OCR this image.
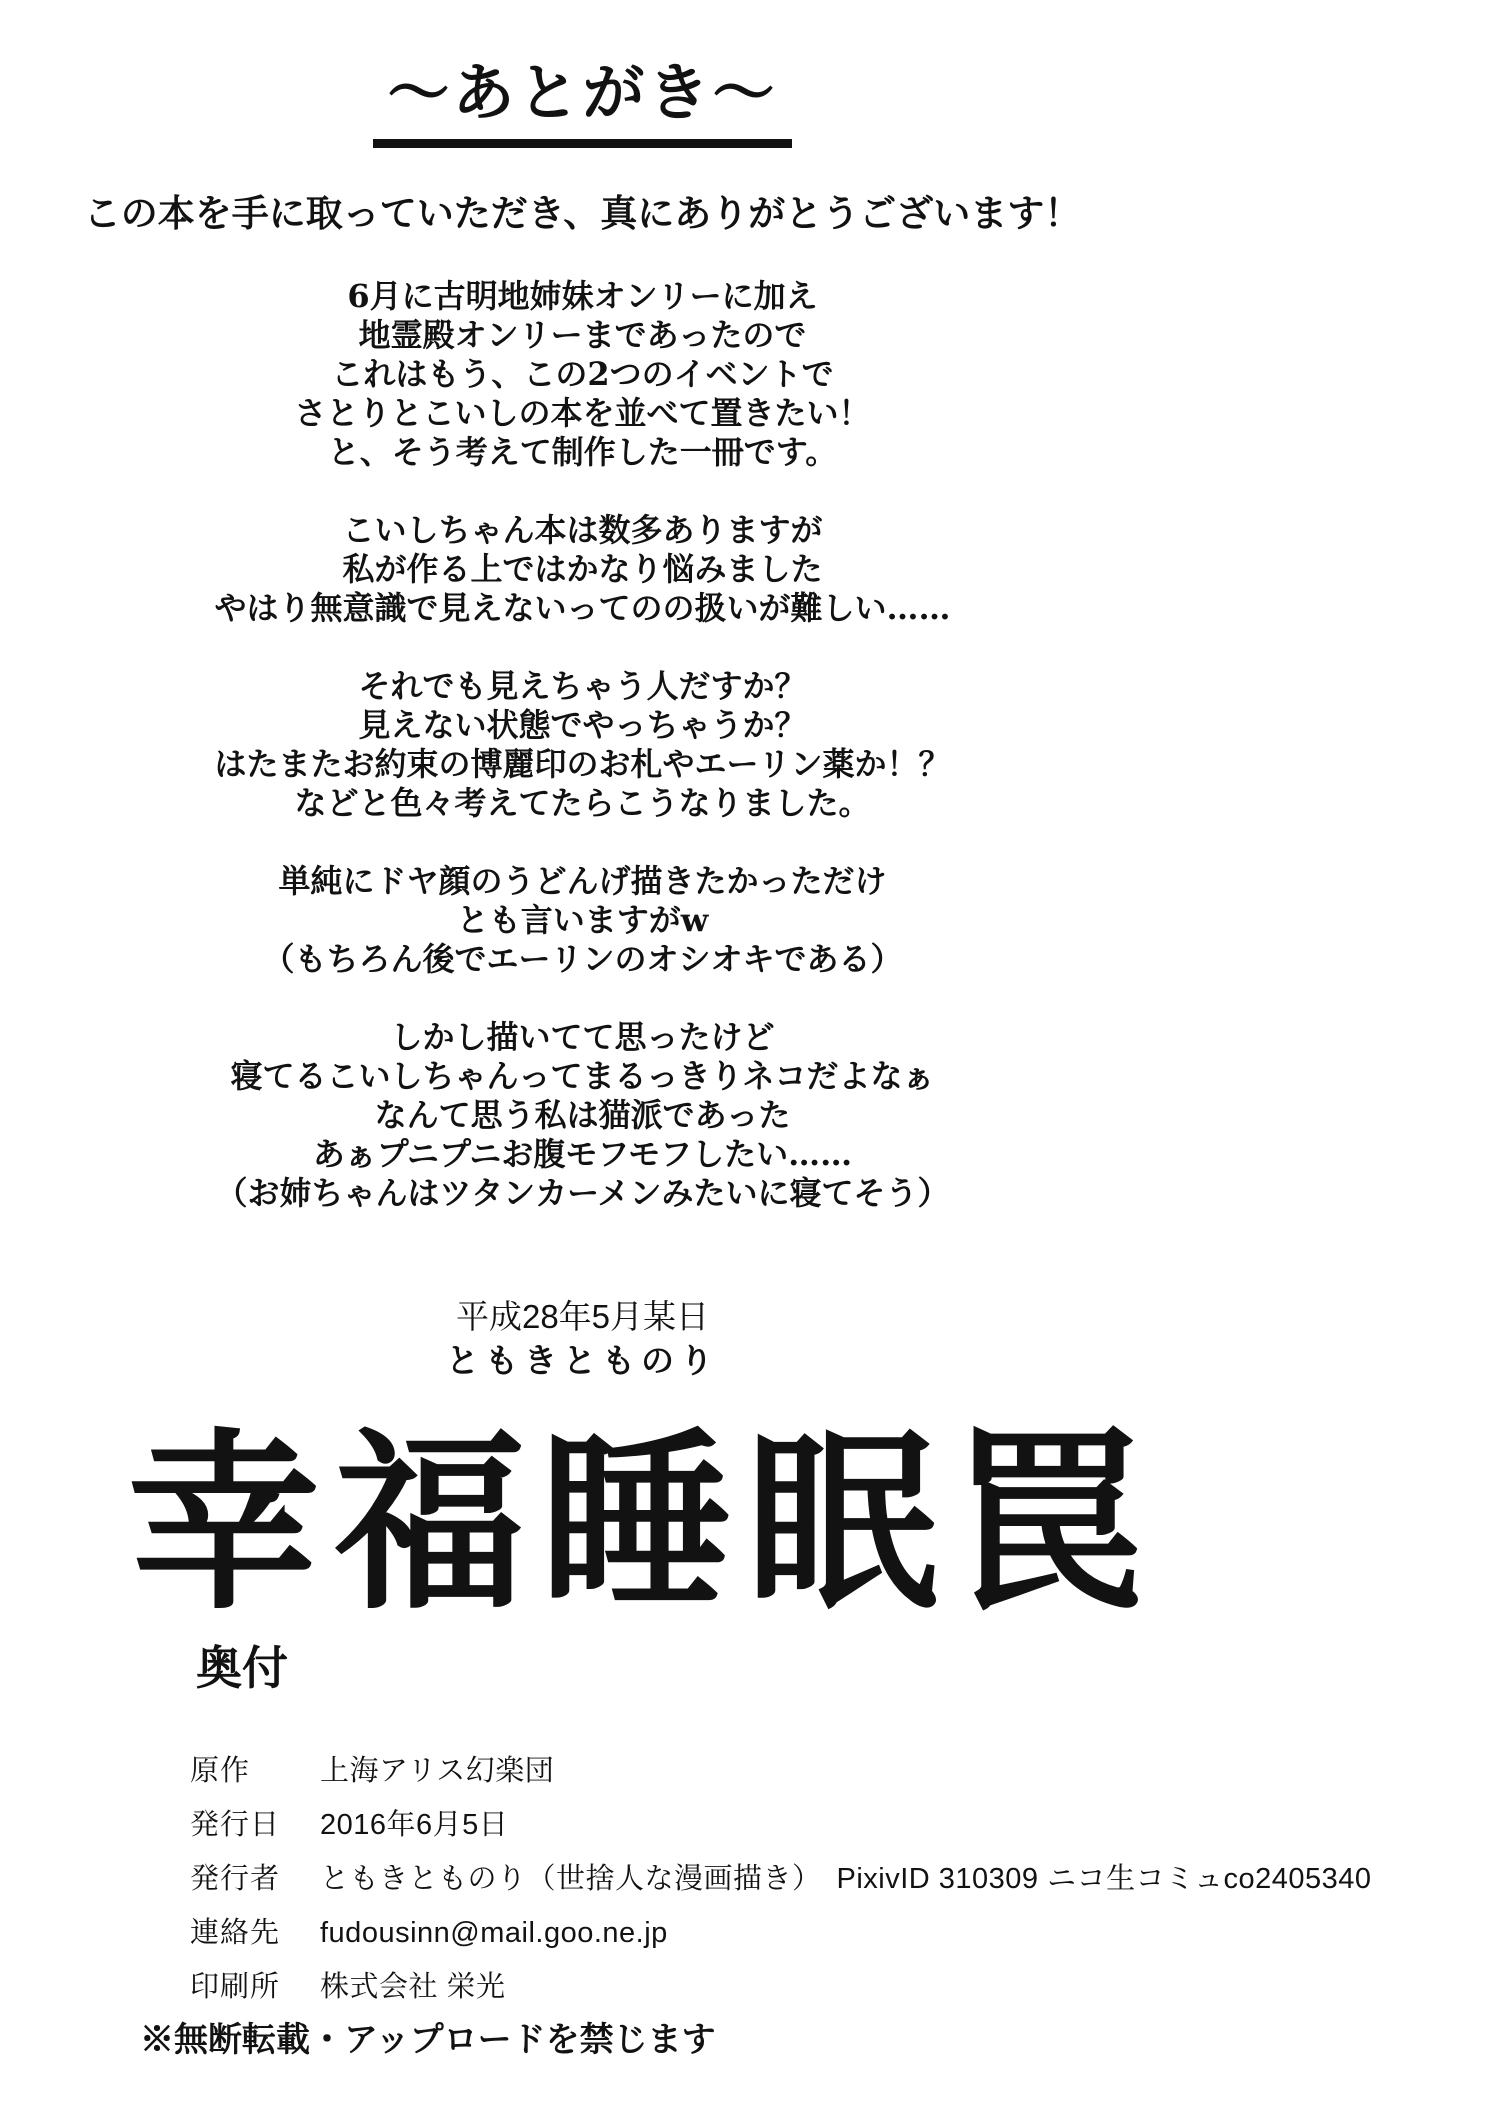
～あとがき～
この本を手に取っていただき、真にありがとうございます！
6月に古明地姉妹オンリーに加え
地霊殿オンリーまであったので
これはもう、この2つのイベントで
さとりとこいしの本を並べて置きたい！
と、そう考えて制作した一冊です。
こいしちゃん本は数多ありますが
私が作る上ではかなり悩みました
やはり無意識で見えないってのの扱いが難しい……
それでも見えちゃう人だすか？
見えない状態でやっちゃうか？
はたまたお約束の博麗印のお札やエーリン薬か！？
などと色々考えてたらこうなりました。
単純にドヤ顔のうどんげ描きたかっただけ
とも言いますがw
（もちろん後でエーリンのオシオキである）
しかし描いてて思ったけど
寝てるこいしちゃんってまるっきりネコだよなぁ
なんて思う私は猫派であった
あぁプニプニお腹モフモフしたい……
（お姉ちゃんはツタンカーメンみたいに寝てそう）
平成28年5月某日
ともきとものり
幸福睡眠罠
奥付
原作	上海アリス幻楽団
発行日	2016年6月5日
発行者	ともきとものり（世捨人な漫画描き）　PixivID 310309 ニコ生コミュco2405340
連絡先	fudousinn@mail.goo.ne.jp
印刷所	株式会社 栄光
※無断転載・アップロードを禁じます
